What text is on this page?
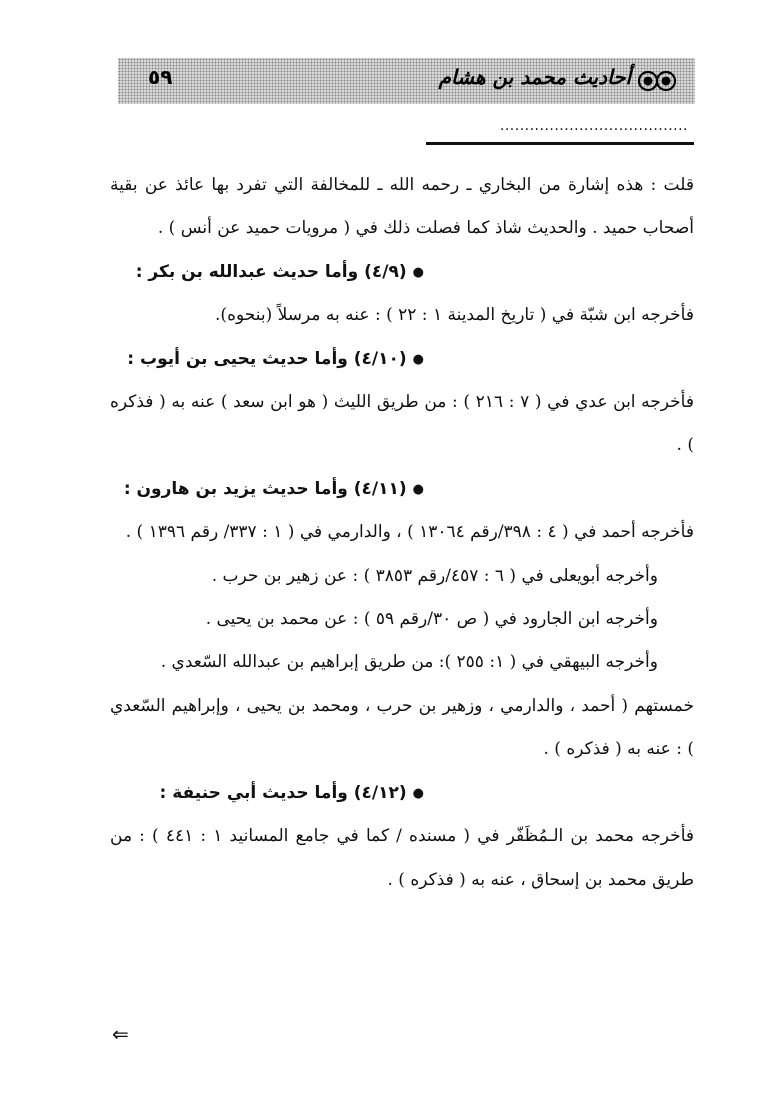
٥٩	أحاديث محمد بن هشام
......................................

قلت : هذه إشارة من البخاري ـ رحمه الله ـ للمخالفة التي تفرد بها عائذ عن بقية أصحاب حميد . والحديث شاذ كما فصلت ذلك في ( مرويات حميد عن أنس ) .

●(٤/٩) وأما حديث عبدالله بن بكر :

فأخرجه ابن شبّة في ( تاريخ المدينة ١ : ٢٢ ) : عنه به مرسلاً (بنحوه).

●(٤/١٠) وأما حديث يحيى بن أيوب :

فأخرجه ابن عدي في ( ٧ : ٢١٦ ) : من طريق الليث ( هو ابن سعد ) عنه به ( فذكره ) .

●(٤/١١) وأما حديث يزيد بن هارون :

فأخرجه أحمد في ( ٤ : ٣٩٨/رقم ١٣٠٦٤ ) ، والدارمي في ( ١ : ٣٣٧/ رقم ١٣٩٦ ) .

وأخرجه أبويعلى في ( ٦ : ٤٥٧/رقم ٣٨٥٣ ) : عن زهير بن حرب .

وأخرجه ابن الجارود في ( ص ٣٠/رقم ٥٩ ) : عن محمد بن يحيى .

وأخرجه البيهقي في ( ١: ٢٥٥ ): من طريق إبراهيم بن عبدالله السّعدي .

خمستهم ( أحمد ، والدارمي ، وزهير بن حرب ، ومحمد بن يحيى ، وإبراهيم السّعدي ) : عنه به ( فذكره ) .

●(٤/١٢) وأما حديث أبي حنيفة :

فأخرجه محمد بن الـمُظَفّر في ( مسنده / كما في جامع المسانيد ١ : ٤٤١ ) : من طريق محمد بن إسحاق ، عنه به ( فذكره ) .

⇐
